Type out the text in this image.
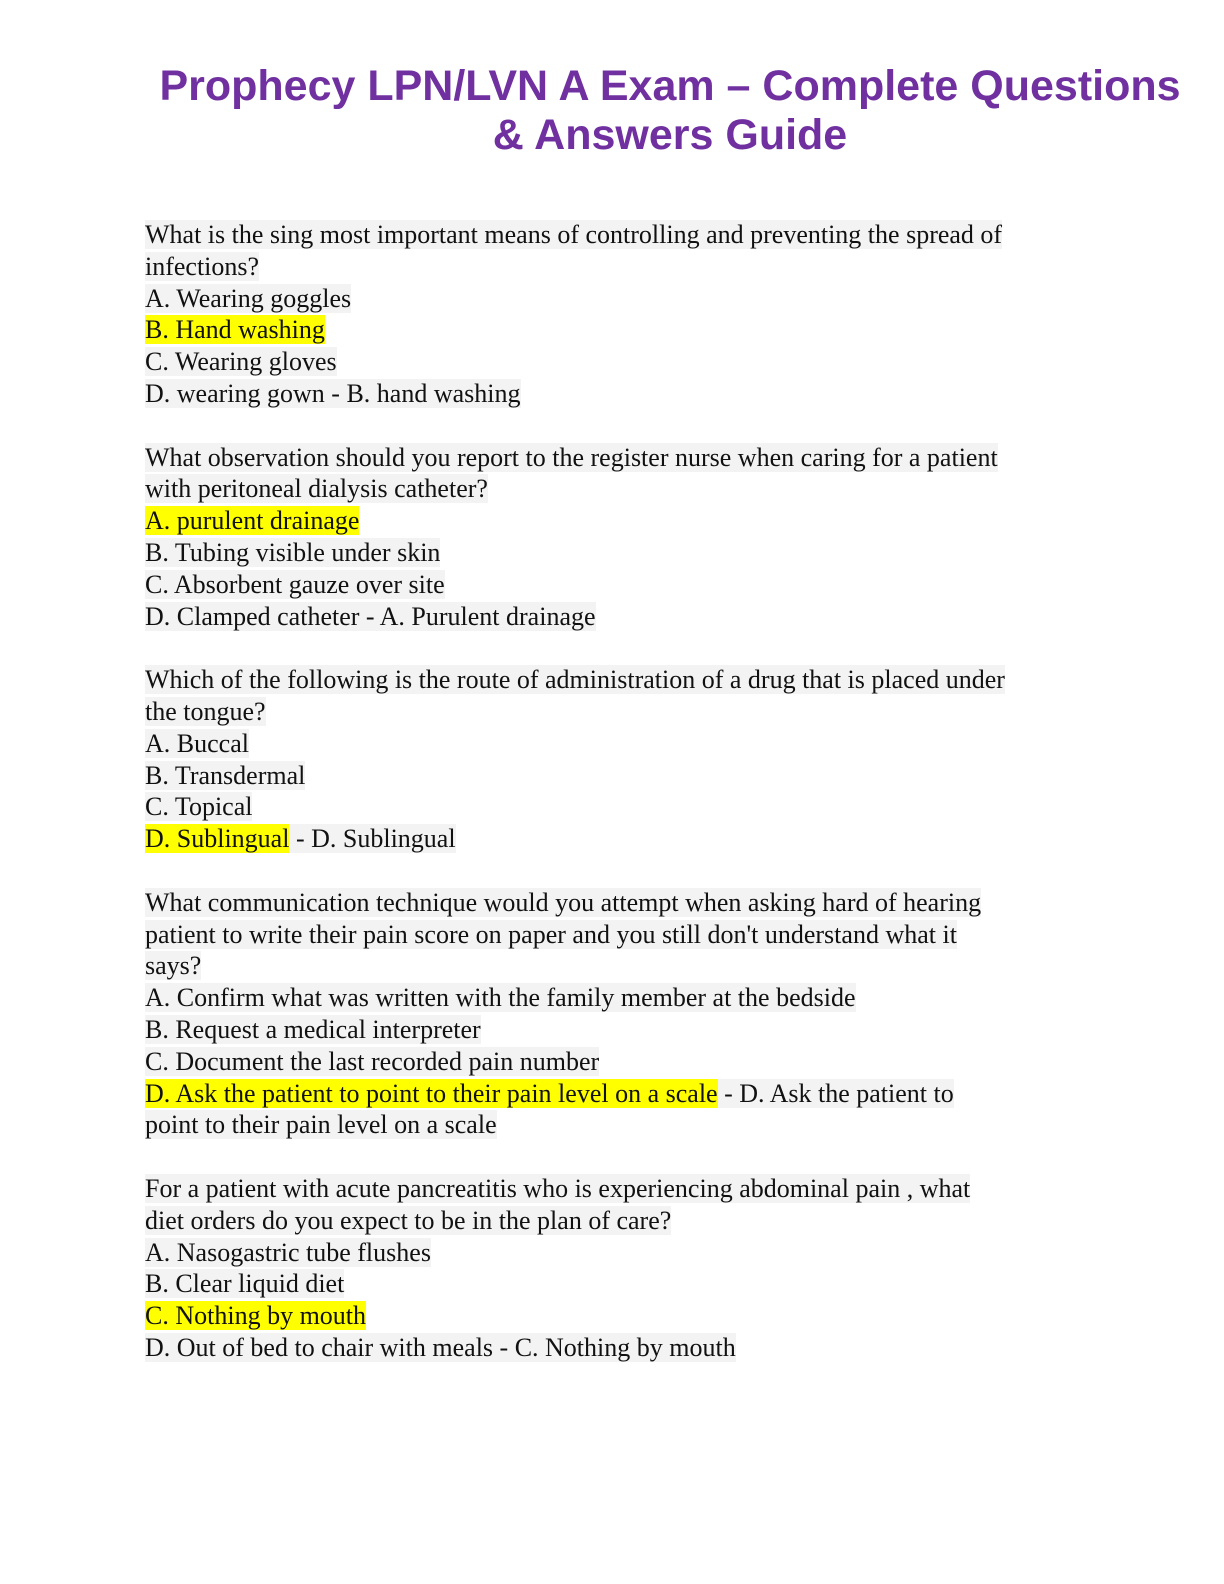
Prophecy LPN/LVN A Exam – Complete Questions
& Answers Guide
What is the sing most important means of controlling and preventing the spread of
infections?
A. Wearing goggles
B. Hand washing
C. Wearing gloves
D. wearing gown - B. hand washing
What observation should you report to the register nurse when caring for a patient
with peritoneal dialysis catheter?
A. purulent drainage
B. Tubing visible under skin
C. Absorbent gauze over site
D. Clamped catheter - A. Purulent drainage
Which of the following is the route of administration of a drug that is placed under
the tongue?
A. Buccal
B. Transdermal
C. Topical
D. Sublingual - D. Sublingual
What communication technique would you attempt when asking hard of hearing
patient to write their pain score on paper and you still don't understand what it
says?
A. Confirm what was written with the family member at the bedside
B. Request a medical interpreter
C. Document the last recorded pain number
D. Ask the patient to point to their pain level on a scale - D. Ask the patient to
point to their pain level on a scale
For a patient with acute pancreatitis who is experiencing abdominal pain , what
diet orders do you expect to be in the plan of care?
A. Nasogastric tube flushes
B. Clear liquid diet
C. Nothing by mouth
D. Out of bed to chair with meals - C. Nothing by mouth
